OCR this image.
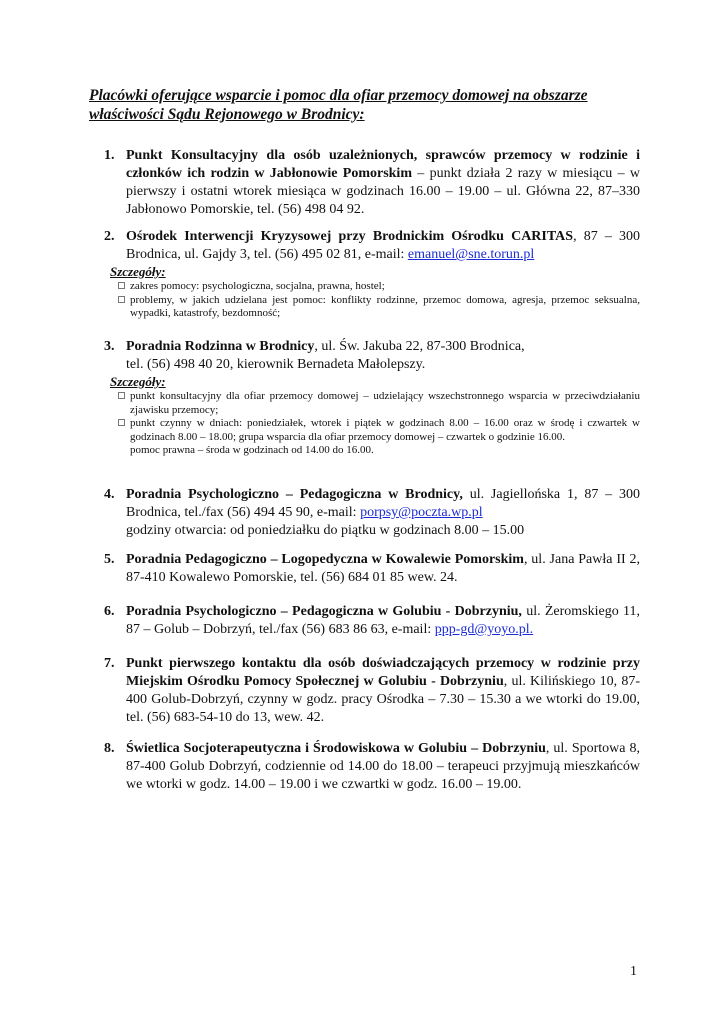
Placówki oferujące wsparcie i pomoc dla ofiar przemocy domowej na obszarze właściwości Sądu Rejonowego w Brodnicy:
1. Punkt Konsultacyjny dla osób uzależnionych, sprawców przemocy w rodzinie i członków ich rodzin w Jabłonowie Pomorskim – punkt działa 2 razy w miesiącu – w pierwszy i ostatni wtorek miesiąca w godzinach 16.00 – 19.00 – ul. Główna 22, 87–330 Jabłonowo Pomorskie, tel. (56) 498 04 92.
2. Ośrodek Interwencji Kryzysowej przy Brodnickim Ośrodku CARITAS, 87 – 300 Brodnica, ul. Gajdy 3, tel. (56) 495 02 81, e-mail: emanuel@sne.torun.pl
Szczegóły:
zakres pomocy: psychologiczna, socjalna, prawna, hostel;
problemy, w jakich udzielana jest pomoc: konflikty rodzinne, przemoc domowa, agresja, przemoc seksualna, wypadki, katastrofy, bezdomność;
3. Poradnia Rodzinna w Brodnicy, ul. Św. Jakuba 22, 87-300 Brodnica,
tel. (56) 498 40 20, kierownik Bernadeta Małolepszy.
Szczegóły:
punkt konsultacyjny dla ofiar przemocy domowej – udzielający wszechstronnego wsparcia w przeciwdziałaniu zjawisku przemocy;
punkt czynny w dniach: poniedziałek, wtorek i piątek w godzinach 8.00 – 16.00 oraz w środę i czwartek w godzinach 8.00 – 18.00; grupa wsparcia dla ofiar przemocy domowej – czwartek o godzinie 16.00.
pomoc prawna – środa w godzinach od 14.00 do 16.00.
4. Poradnia Psychologiczno – Pedagogiczna w Brodnicy, ul. Jagiellońska 1, 87 – 300 Brodnica, tel./fax (56) 494 45 90, e-mail: porpsy@poczta.wp.pl
godziny otwarcia: od poniedziałku do piątku w godzinach 8.00 – 15.00
5. Poradnia Pedagogiczno – Logopedyczna w Kowalewie Pomorskim, ul. Jana Pawła II 2, 87-410 Kowalewo Pomorskie, tel. (56) 684 01 85 wew. 24.
6. Poradnia Psychologiczno – Pedagogiczna w Golubiu - Dobrzyniu, ul. Żeromskiego 11, 87 – Golub – Dobrzyń, tel./fax (56) 683 86 63, e-mail: ppp-gd@yoyo.pl.
7. Punkt pierwszego kontaktu dla osób doświadczających przemocy w rodzinie przy Miejskim Ośrodku Pomocy Społecznej w Golubiu - Dobrzyniu, ul. Kilińskiego 10, 87-400 Golub-Dobrzyń, czynny w godz. pracy Ośrodka – 7.30 – 15.30 a we wtorki do 19.00, tel. (56) 683-54-10 do 13, wew. 42.
8. Świetlica Socjoterapeutyczna i Środowiskowa w Golubiu – Dobrzyniu, ul. Sportowa 8, 87-400 Golub Dobrzyń, codziennie od 14.00 do 18.00 – terapeuci przyjmują mieszkańców we wtorki w godz. 14.00 – 19.00 i we czwartki w godz. 16.00 – 19.00.
1
